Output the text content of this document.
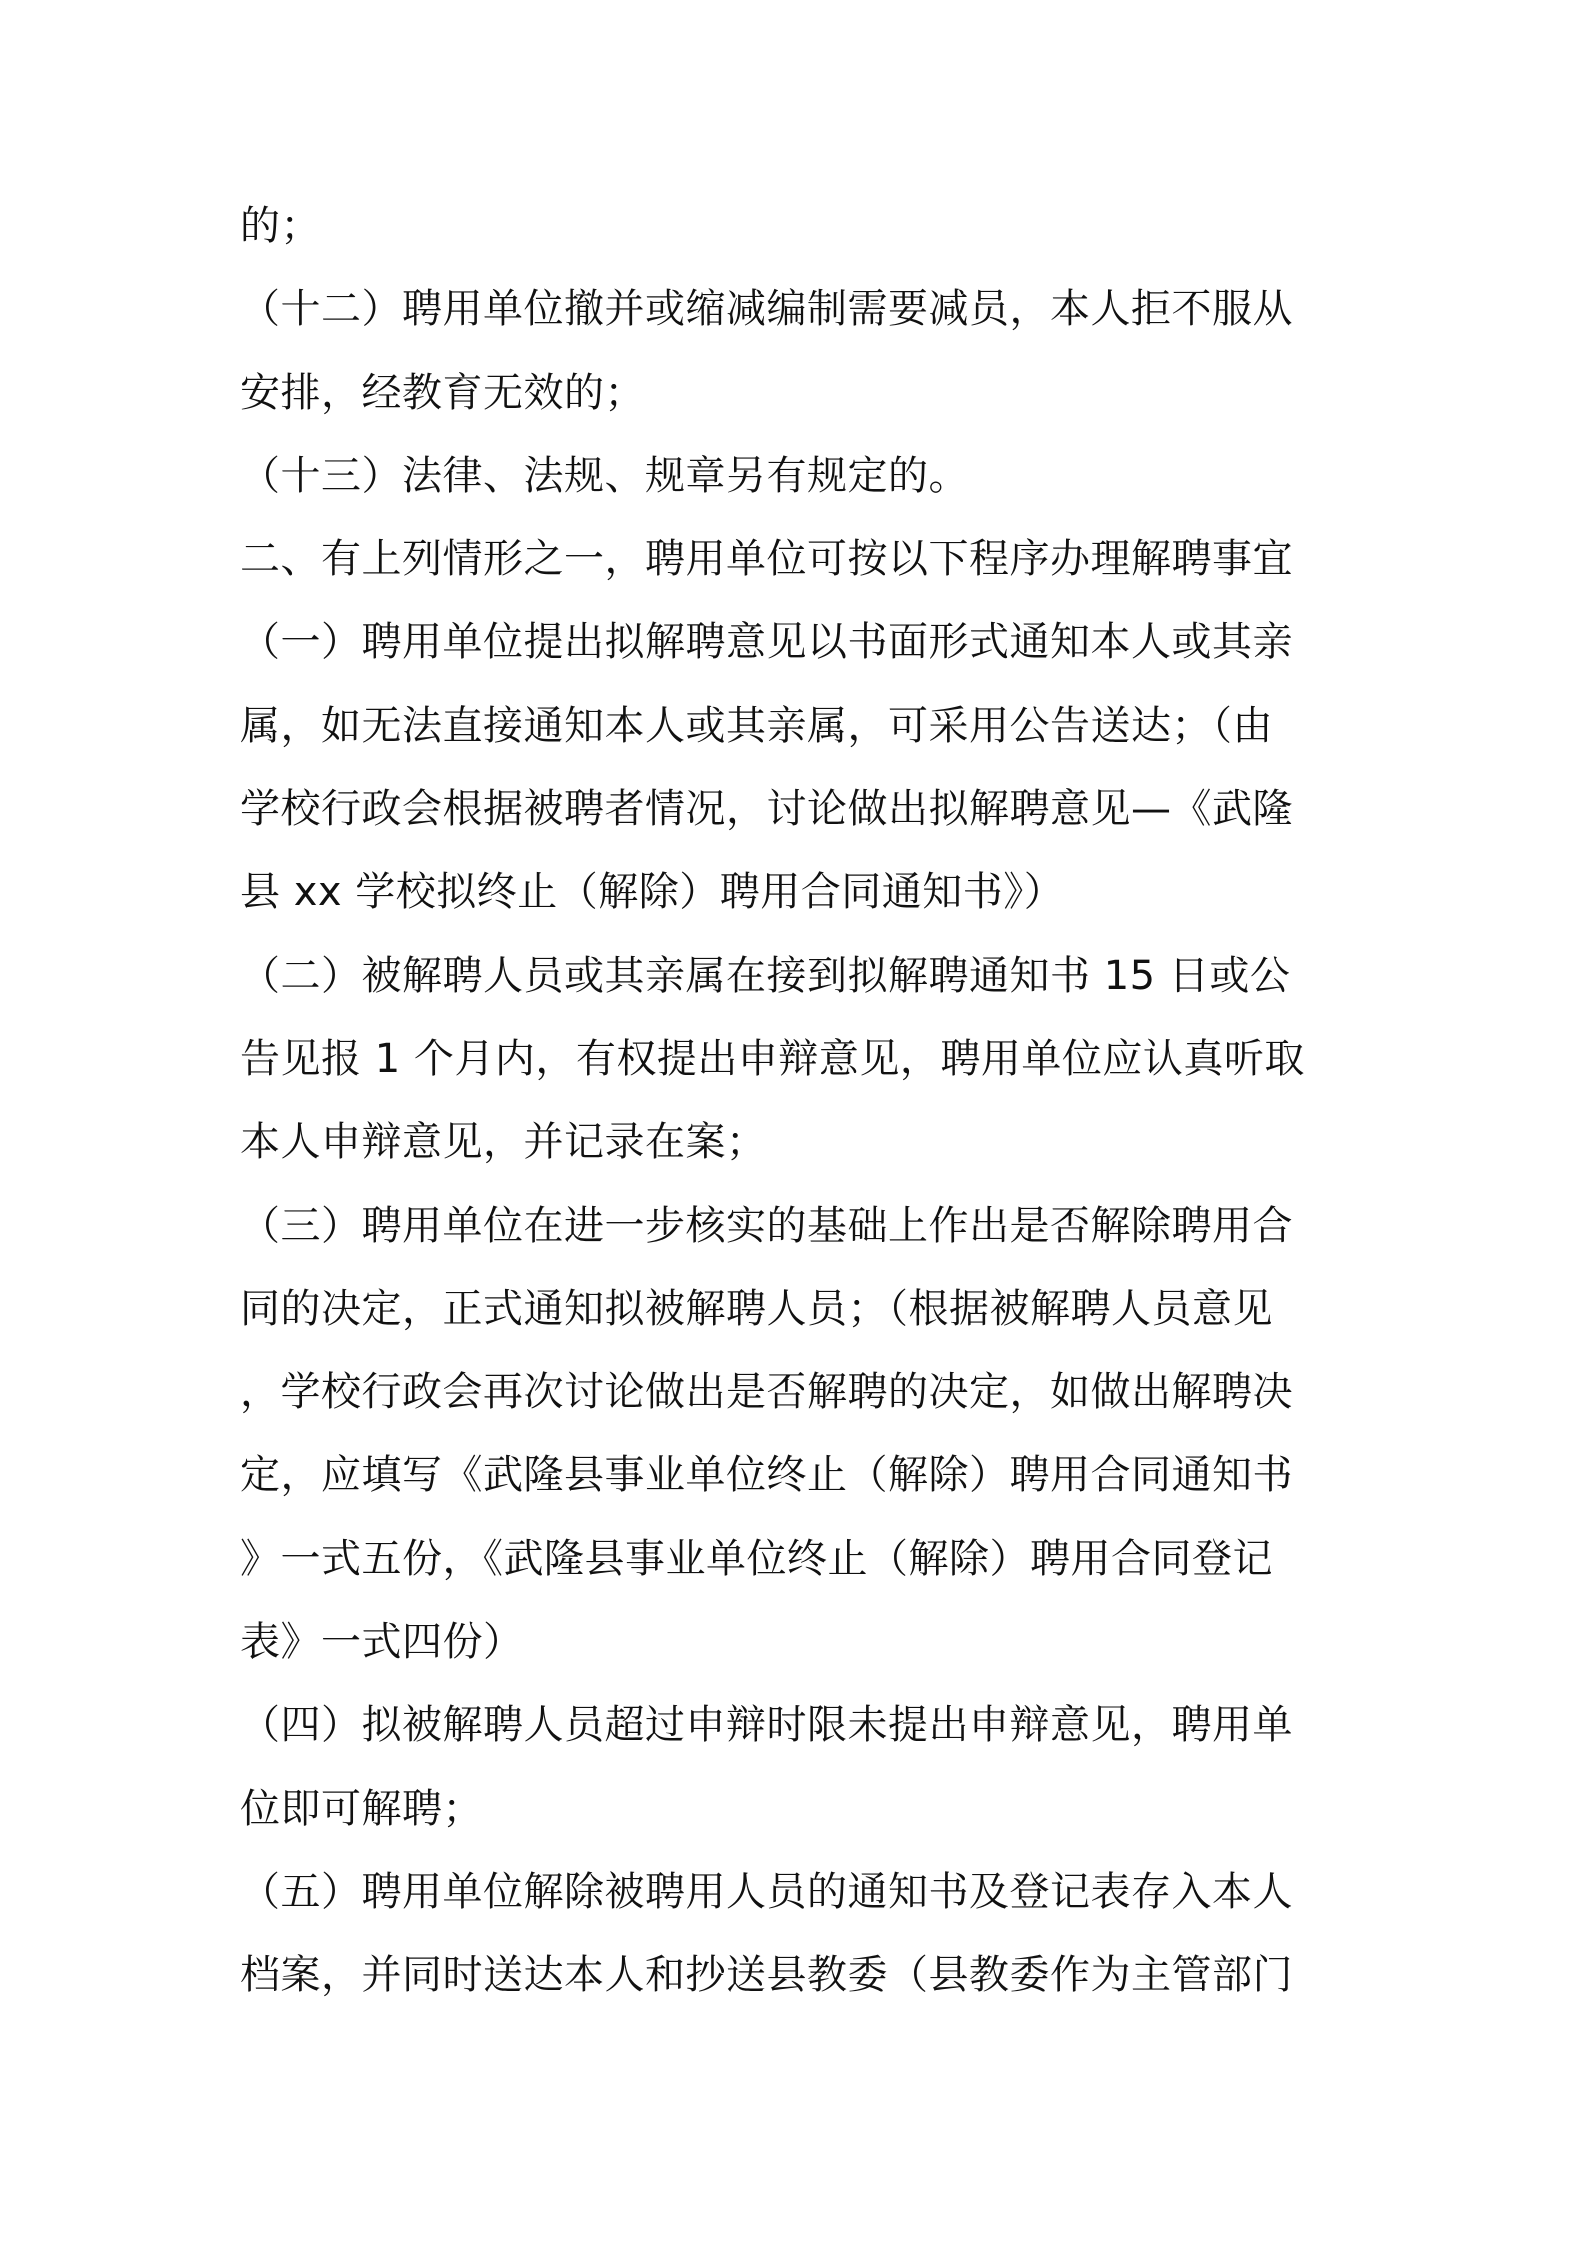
的；
（十二）聘用单位撤并或缩减编制需要减员，本人拒不服从
安排，经教育无效的；
（十三）法律、法规、规章另有规定的。
二、有上列情形之一，聘用单位可按以下程序办理解聘事宜
（一）聘用单位提出拟解聘意见以书面形式通知本人或其亲
属，如无法直接通知本人或其亲属，可采用公告送达；（由
学校行政会根据被聘者情况，讨论做出拟解聘意见—《武隆
县 xx 学校拟终止（解除）聘用合同通知书》）
（二）被解聘人员或其亲属在接到拟解聘通知书 15 日或公
告见报 1 个月内，有权提出申辩意见，聘用单位应认真听取
本人申辩意见，并记录在案；
（三）聘用单位在进一步核实的基础上作出是否解除聘用合
同的决定，正式通知拟被解聘人员；（根据被解聘人员意见
，学校行政会再次讨论做出是否解聘的决定，如做出解聘决
定，应填写《武隆县事业单位终止（解除）聘用合同通知书
》一式五份，《武隆县事业单位终止（解除）聘用合同登记
表》一式四份）
（四）拟被解聘人员超过申辩时限未提出申辩意见，聘用单
位即可解聘；
（五）聘用单位解除被聘用人员的通知书及登记表存入本人
档案，并同时送达本人和抄送县教委（县教委作为主管部门
